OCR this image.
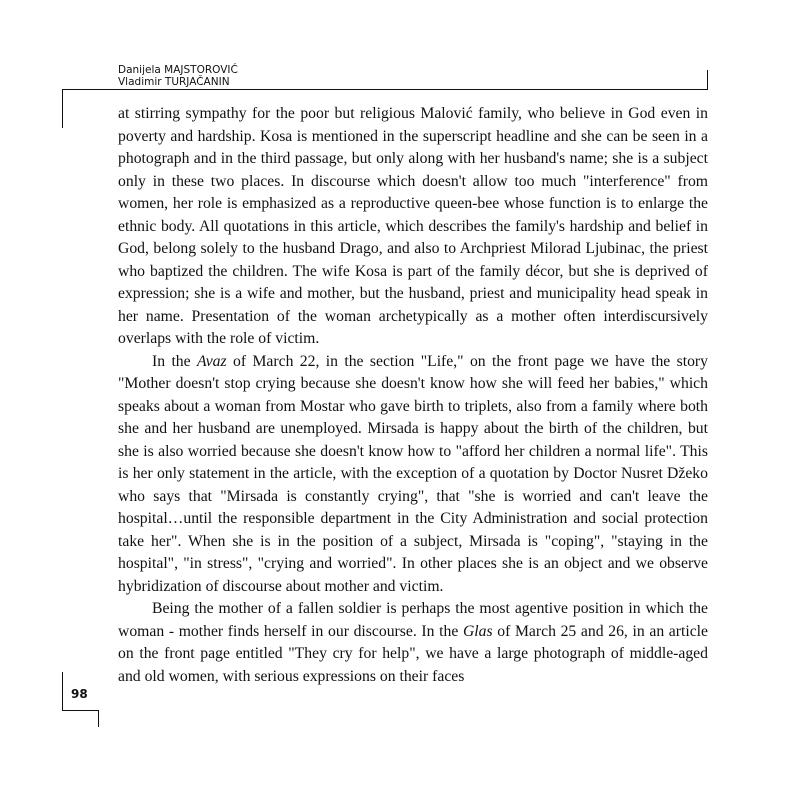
Danijela MAJSTOROVIĆ
Vladimir TURJAČANIN

at stirring sympathy for the poor but religious Malović family, who believe in God even in poverty and hardship. Kosa is mentioned in the superscript headline and she can be seen in a photograph and in the third passage, but only along with her husband's name; she is a subject only in these two places. In discourse which doesn't allow too much "interference" from women, her role is emphasized as a reproductive queen-bee whose function is to enlarge the ethnic body. All quotations in this article, which describes the family's hardship and belief in God, belong solely to the husband Drago, and also to Archpriest Milorad Ljubinac, the priest who baptized the children. The wife Kosa is part of the family décor, but she is deprived of expression; she is a wife and mother, but the husband, priest and municipality head speak in her name. Presentation of the woman archetypically as a mother often interdiscursively overlaps with the role of victim.

In the Avaz of March 22, in the section "Life," on the front page we have the story "Mother doesn't stop crying because she doesn't know how she will feed her babies," which speaks about a woman from Mostar who gave birth to triplets, also from a family where both she and her husband are unemployed. Mirsada is happy about the birth of the children, but she is also worried because she doesn't know how to "afford her children a normal life". This is her only statement in the article, with the exception of a quotation by Doctor Nusret Džeko who says that "Mirsada is constantly crying", that "she is worried and can't leave the hospital…until the responsible department in the City Administration and social protection take her". When she is in the position of a subject, Mirsada is "coping", "staying in the hospital", "in stress", "crying and worried". In other places she is an object and we observe hybridization of discourse about mother and victim.

Being the mother of a fallen soldier is perhaps the most agentive position in which the woman - mother finds herself in our discourse. In the Glas of March 25 and 26, in an article on the front page entitled "They cry for help", we have a large photograph of middle-aged and old women, with serious expressions on their faces

98
